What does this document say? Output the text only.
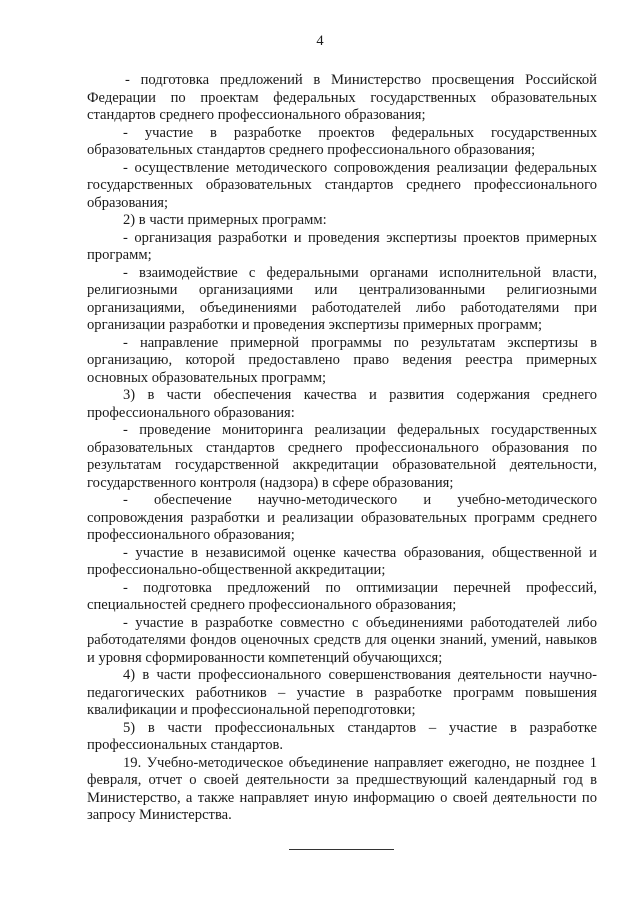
4

- подготовка предложений в Министерство просвещения Российской Федерации по проектам федеральных государственных образовательных стандартов среднего профессионального образования;

- участие в разработке проектов федеральных государственных образовательных стандартов среднего профессионального образования;

- осуществление методического сопровождения реализации федеральных государственных образовательных стандартов среднего профессионального образования;

2) в части примерных программ:

- организация разработки и проведения экспертизы проектов примерных программ;

- взаимодействие с федеральными органами исполнительной власти, религиозными организациями или централизованными религиозными организациями, объединениями работодателей либо работодателями при организации разработки и проведения экспертизы примерных программ;

- направление примерной программы по результатам экспертизы в организацию, которой предоставлено право ведения реестра примерных основных образовательных программ;

3) в части обеспечения качества и развития содержания среднего профессионального образования:

- проведение мониторинга реализации федеральных государственных образовательных стандартов среднего профессионального образования по результатам государственной аккредитации образовательной деятельности, государственного контроля (надзора) в сфере образования;

- обеспечение научно-методического и учебно-методического сопровождения разработки и реализации образовательных программ среднего профессионального образования;

- участие в независимой оценке качества образования, общественной и профессионально-общественной аккредитации;

- подготовка предложений по оптимизации перечней профессий, специальностей среднего профессионального образования;

- участие в разработке совместно с объединениями работодателей либо работодателями фондов оценочных средств для оценки знаний, умений, навыков и уровня сформированности компетенций обучающихся;

4) в части профессионального совершенствования деятельности научно-педагогических работников – участие в разработке программ повышения квалификации и профессиональной переподготовки;

5) в части профессиональных стандартов – участие в разработке профессиональных стандартов.

19. Учебно-методическое объединение направляет ежегодно, не позднее 1 февраля, отчет о своей деятельности за предшествующий календарный год в Министерство, а также направляет иную информацию о своей деятельности по запросу Министерства.
